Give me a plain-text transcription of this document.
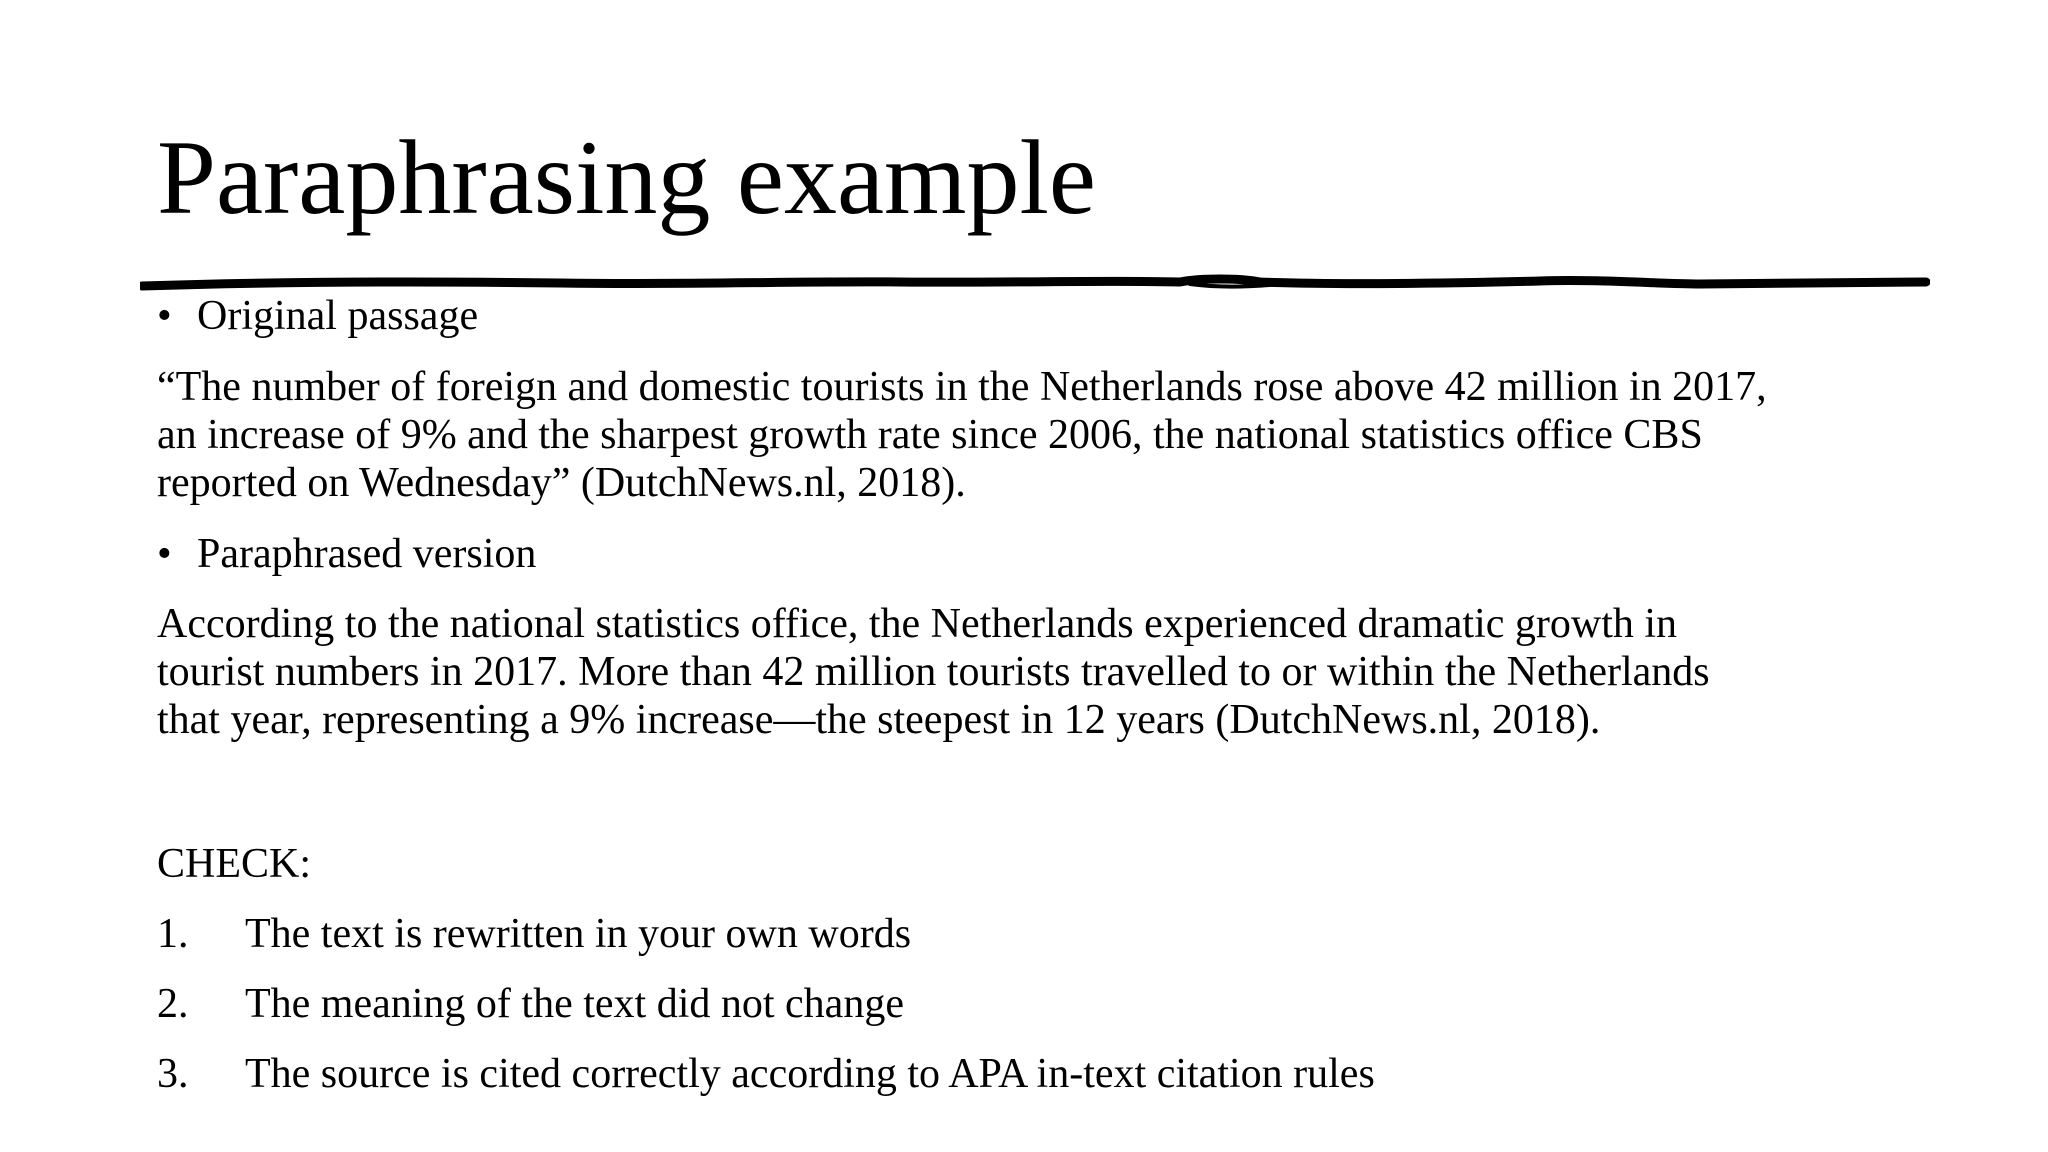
Paraphrasing example
• Original passage
“The number of foreign and domestic tourists in the Netherlands rose above 42 million in 2017,
an increase of 9% and the sharpest growth rate since 2006, the national statistics office CBS
reported on Wednesday” (DutchNews.nl, 2018).
• Paraphrased version
According to the national statistics office, the Netherlands experienced dramatic growth in
tourist numbers in 2017. More than 42 million tourists travelled to or within the Netherlands
that year, representing a 9% increase—the steepest in 12 years (DutchNews.nl, 2018).
CHECK:
1.	The text is rewritten in your own words
2.	The meaning of the text did not change
3.	The source is cited correctly according to APA in-text citation rules
